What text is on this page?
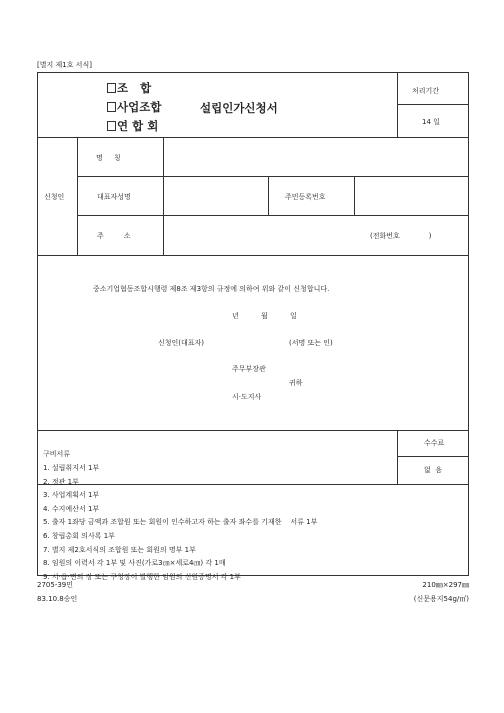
[별지 제1호 서식]
조   합
사업조합
연 합 회
설립인가신청서
처리기간
14 일
신청인
명     칭
대표자성명	주민등록번호
주         소	(전화번호             )
중소기업협동조합시행령 제8조 제3항의 규정에 의하여 위와 같이 신청합니다.
년          월          일
신청인(대표자)	(서명 또는 인)
주무부장관
귀하
시·도지사
수수료
없  음
구비서류
1. 설립취지서 1부
2. 정관 1부
3. 사업계획서 1부
4. 수지예산서 1부
5. 출자 1좌당 금액과 조합원 또는 회원이 인수하고자 하는 출자 좌수를 기재한    서류 1부
6. 창립총회 의사록 1부
7. 별지 제2호서식의 조합원 또는 회원의 명부 1부
8. 임원의 이력서 각 1부 및 사진(가로3㎝×세로4㎝) 각 1매
9. 시·읍·면의 장 또는 구청장이 발행한 임원의 신원증명서 각 1부
2705-39민
83.10.8승인
210㎜×297㎜
(신문용지54g/㎡)
